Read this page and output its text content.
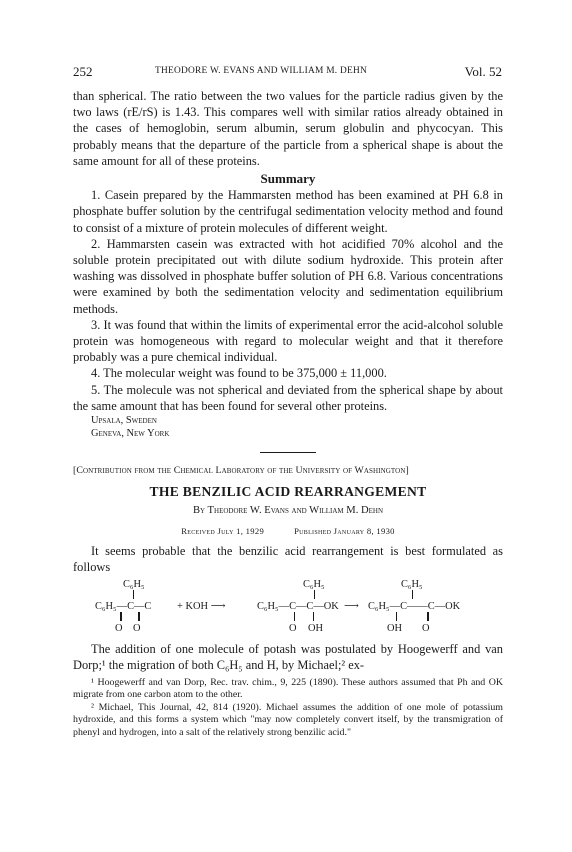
252	THEODORE W. EVANS AND WILLIAM M. DEHN	Vol. 52

than spherical. The ratio between the two values for the particle radius given by the two laws (rE/rS) is 1.43. This compares well with similar ratios already obtained in the cases of hemoglobin, serum albumin, serum globulin and phycocyan. This probably means that the departure of the particle from a spherical shape is about the same amount for all of these proteins.

Summary

1. Casein prepared by the Hammarsten method has been examined at PH 6.8 in phosphate buffer solution by the centrifugal sedimentation velocity method and found to consist of a mixture of protein molecules of different weight.

2. Hammarsten casein was extracted with hot acidified 70% alcohol and the soluble protein precipitated out with dilute sodium hydroxide. This protein after washing was dissolved in phosphate buffer solution of PH 6.8. Various concentrations were examined by both the sedimentation velocity and sedimentation equilibrium methods.

3. It was found that within the limits of experimental error the acid-alcohol soluble protein was homogeneous with regard to molecular weight and that it therefore probably was a pure chemical individual.

4. The molecular weight was found to be 375,000 ± 11,000.

5. The molecule was not spherical and deviated from the spherical shape by about the same amount that has been found for several other proteins.

Upsala, Sweden
Geneva, New York
[Contribution from the Chemical Laboratory of the University of Washington]
THE BENZILIC ACID REARRANGEMENT
By Theodore W. Evans and William M. Dehn
Received July 1, 1929	Published January 8, 1930

It seems probable that the benzilic acid rearrangement is best formulated as follows

C₆H₅	C₆H₅	C₆H₅
C₆H₅—C—C + KOH ⟶	C₆H₅—C—C—OK ⟶ C₆H₅—C——C—OK
O O	O OH	OH O

The addition of one molecule of potash was postulated by Hoogewerff and van Dorp;¹ the migration of both C₆H₅ and H, by Michael;² ex-

¹ Hoogewerff and van Dorp, Rec. trav. chim., 9, 225 (1890). These authors assumed that Ph and OK migrate from one carbon atom to the other.

² Michael, This Journal, 42, 814 (1920). Michael assumes the addition of one mole of potassium hydroxide, and this forms a system which "may now completely convert itself, by the transmigration of phenyl and hydrogen, into a salt of the relatively strong benzilic acid."
